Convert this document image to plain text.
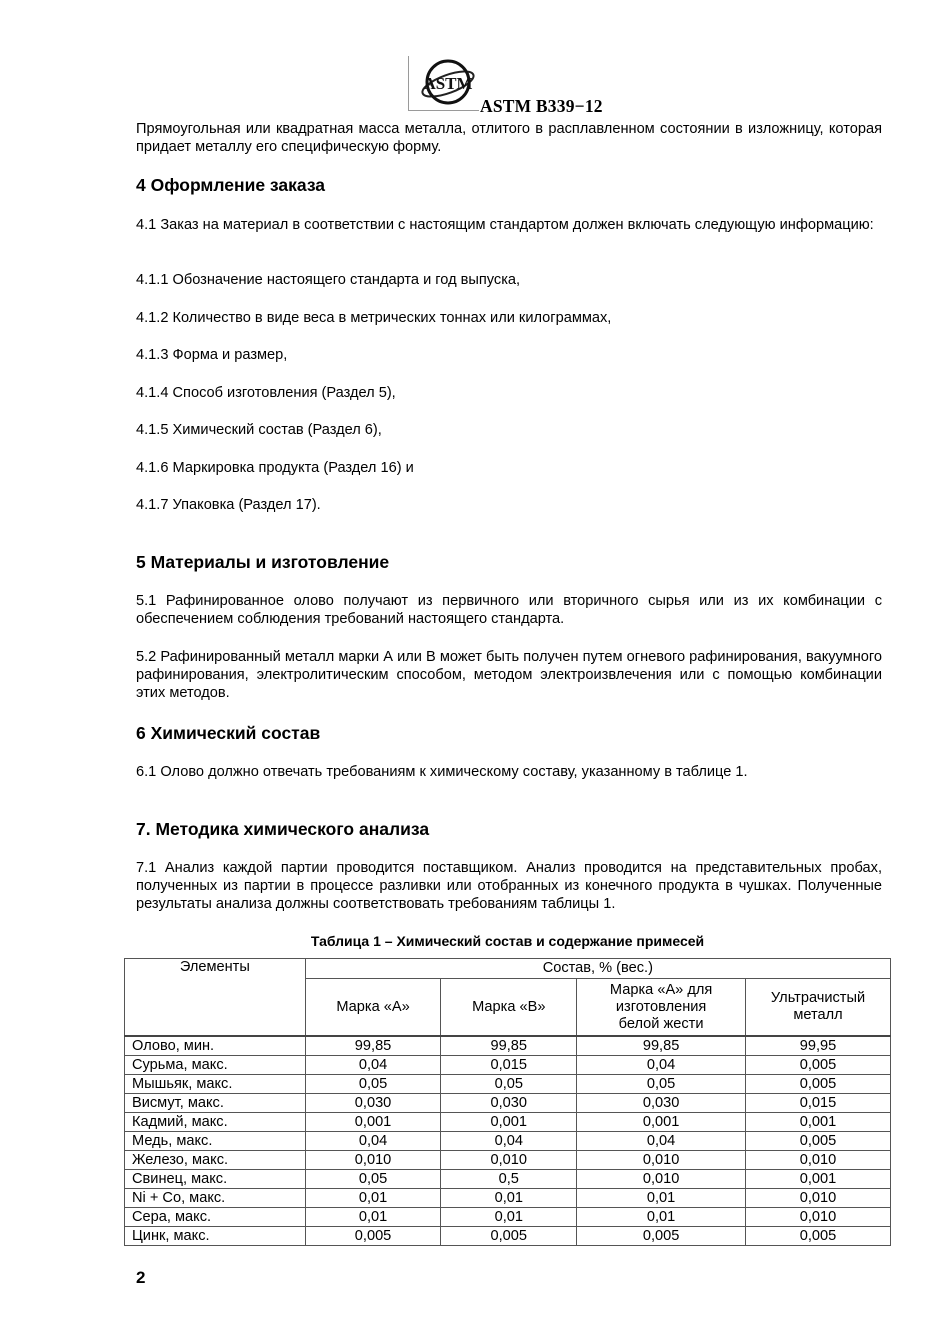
ASTM
ASTM B339−12

Прямоугольная или квадратная масса металла, отлитого в расплавленном состоянии в изложницу, которая придает металлу его специфическую форму.

4 Оформление заказа

4.1 Заказ на материал в соответствии с настоящим стандартом должен включать следующую информацию:

4.1.1 Обозначение настоящего стандарта и год выпуска,

4.1.2 Количество в виде веса в метрических тоннах или килограммах,

4.1.3 Форма и размер,

4.1.4 Способ изготовления (Раздел 5),

4.1.5 Химический состав (Раздел 6),

4.1.6 Маркировка продукта (Раздел 16) и

4.1.7 Упаковка (Раздел 17).

5 Материалы и изготовление

5.1 Рафинированное олово получают из первичного или вторичного сырья или из их комбинации с обеспечением соблюдения требований настоящего стандарта.

5.2 Рафинированный металл марки А или В может быть получен путем огневого рафинирования, вакуумного рафинирования, электролитическим способом, методом электроизвлечения или с помощью комбинации этих методов.

6 Химический состав

6.1 Олово должно отвечать требованиям к химическому составу, указанному в таблице 1.

7. Методика химического анализа

7.1 Анализ каждой партии проводится поставщиком. Анализ проводится на представительных пробах, полученных из партии в процессе разливки или отобранных из конечного продукта в чушках. Полученные результаты анализа должны соответствовать требованиям таблицы 1.

Таблица 1 – Химический состав и содержание примесей
Элементы	Состав, % (вес.)			
	Марка «А»	Марка «В»	Марка «А» для изготовления белой жести	Ультрачистый металл
Олово, мин.	99,85	99,85	99,85	99,95
Сурьма, макс.	0,04	0,015	0,04	0,005
Мышьяк, макс.	0,05	0,05	0,05	0,005
Висмут, макс.	0,030	0,030	0,030	0,015
Кадмий, макс.	0,001	0,001	0,001	0,001
Медь, макс.	0,04	0,04	0,04	0,005
Железо, макс.	0,010	0,010	0,010	0,010
Свинец, макс.	0,05	0,5	0,010	0,001
Ni + Co, макс.	0,01	0,01	0,01	0,010
Сера, макс.	0,01	0,01	0,01	0,010
Цинк, макс.	0,005	0,005	0,005	0,005
2
